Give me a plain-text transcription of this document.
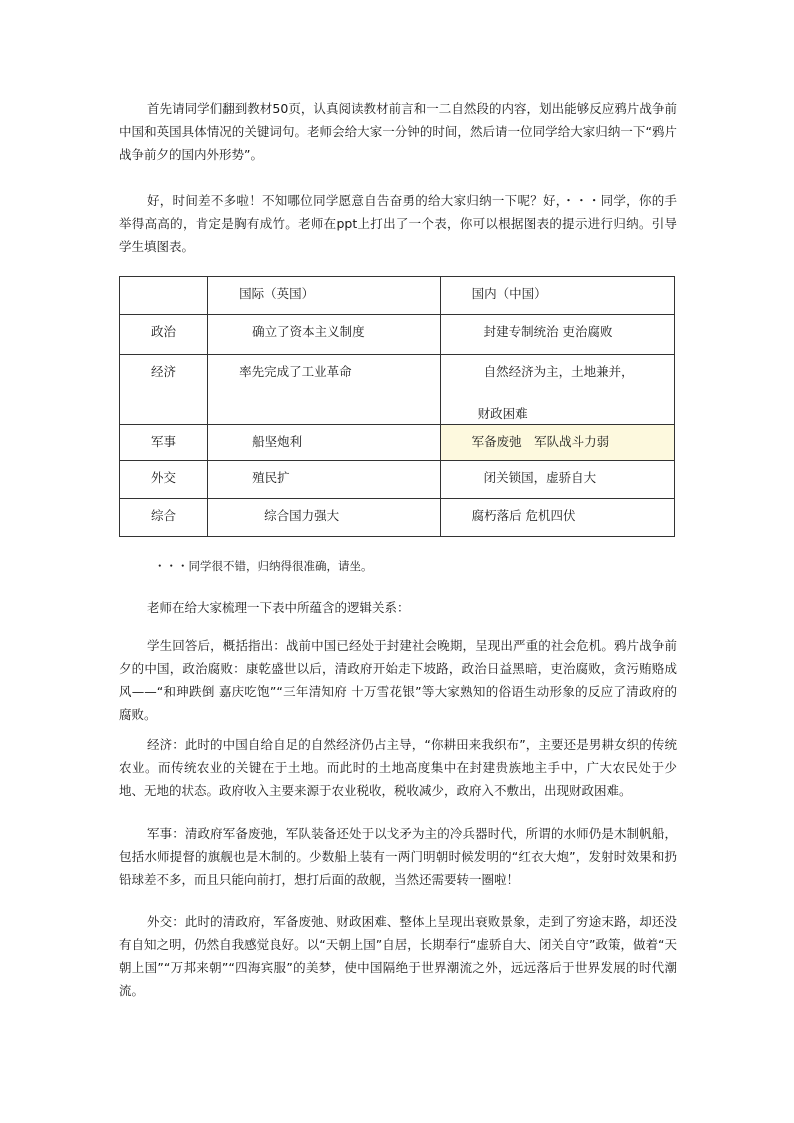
首先请同学们翻到教材50页，认真阅读教材前言和一二自然段的内容，划出能够反应鸦片战争前中国和英国具体情况的关键词句。老师会给大家一分钟的时间，然后请一位同学给大家归纳一下“鸦片战争前夕的国内外形势”。

好，时间差不多啦！不知哪位同学愿意自告奋勇的给大家归纳一下呢？好，・・・同学，你的手举得高高的，肯定是胸有成竹。老师在ppt上打出了一个表，你可以根据图表的提示进行归纳。引导学生填图表。

	国际（英国）	国内（中国）

政治	确立了资本主义制度	封建专制统治 吏治腐败

经济	率先完成了工业革命	自然经济为主，土地兼并，
财政困难

军事	船坚炮利	军备废弛　军队战斗力弱

外交	殖民扩	闭关锁国，虚骄自大

综合	综合国力强大	腐朽落后 危机四伏

・・・同学很不错，归纳得很准确，请坐。

老师在给大家梳理一下表中所蕴含的逻辑关系：

学生回答后，概括指出：战前中国已经处于封建社会晚期，呈现出严重的社会危机。鸦片战争前夕的中国，政治腐败：康乾盛世以后，清政府开始走下坡路，政治日益黑暗，吏治腐败，贪污贿赂成风——“和珅跌倒 嘉庆吃饱”“三年清知府 十万雪花银”等大家熟知的俗语生动形象的反应了清政府的腐败。

经济：此时的中国自给自足的自然经济仍占主导，“你耕田来我织布”，主要还是男耕女织的传统农业。而传统农业的关键在于土地。而此时的土地高度集中在封建贵族地主手中，广大农民处于少地、无地的状态。政府收入主要来源于农业税收，税收减少，政府入不敷出，出现财政困难。

军事：清政府军备废弛，军队装备还处于以戈矛为主的冷兵器时代，所谓的水师仍是木制帆船，包括水师提督的旗舰也是木制的。少数船上装有一两门明朝时候发明的“红衣大炮”，发射时效果和扔铅球差不多，而且只能向前打，想打后面的敌舰，当然还需要转一圈啦！

外交：此时的清政府，军备废弛、财政困难、整体上呈现出衰败景象，走到了穷途末路，却还没有自知之明，仍然自我感觉良好。以“天朝上国”自居，长期奉行“虚骄自大、闭关自守”政策，做着“天朝上国”“万邦来朝”“四海宾服”的美梦，使中国隔绝于世界潮流之外，远远落后于世界发展的时代潮流。
